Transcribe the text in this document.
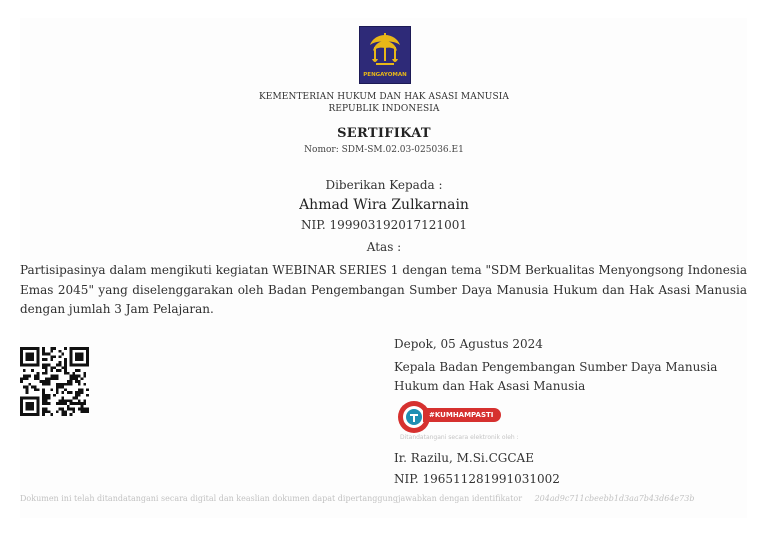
PENGAYOMAN
KEMENTERIAN HUKUM DAN HAK ASASI MANUSIA
REPUBLIK INDONESIA
SERTIFIKAT
Nomor: SDM-SM.02.03-025036.E1
Diberikan Kepada :
Ahmad Wira Zulkarnain
NIP. 199903192017121001
Atas :
Partisipasinya dalam mengikuti kegiatan WEBINAR SERIES 1 dengan tema "SDM Berkualitas Menyongsong Indonesia Emas 2045" yang diselenggarakan oleh Badan Pengembangan Sumber Daya Manusia Hukum dan Hak Asasi Manusia dengan jumlah 3 Jam Pelajaran.
Depok, 05 Agustus 2024
Kepala Badan Pengembangan Sumber Daya Manusia Hukum dan Hak Asasi Manusia
#KUMHAMPASTI
Ditandatangani secara elektronik oleh :
Ir. Razilu, M.Si.CGCAE
NIP. 196511281991031002
Dokumen ini telah ditandatangani secara digital dan keaslian dokumen dapat dipertanggungjawabkan dengan identifikator 204ad9c711cbeebb1d3aa7b43d64e73b
